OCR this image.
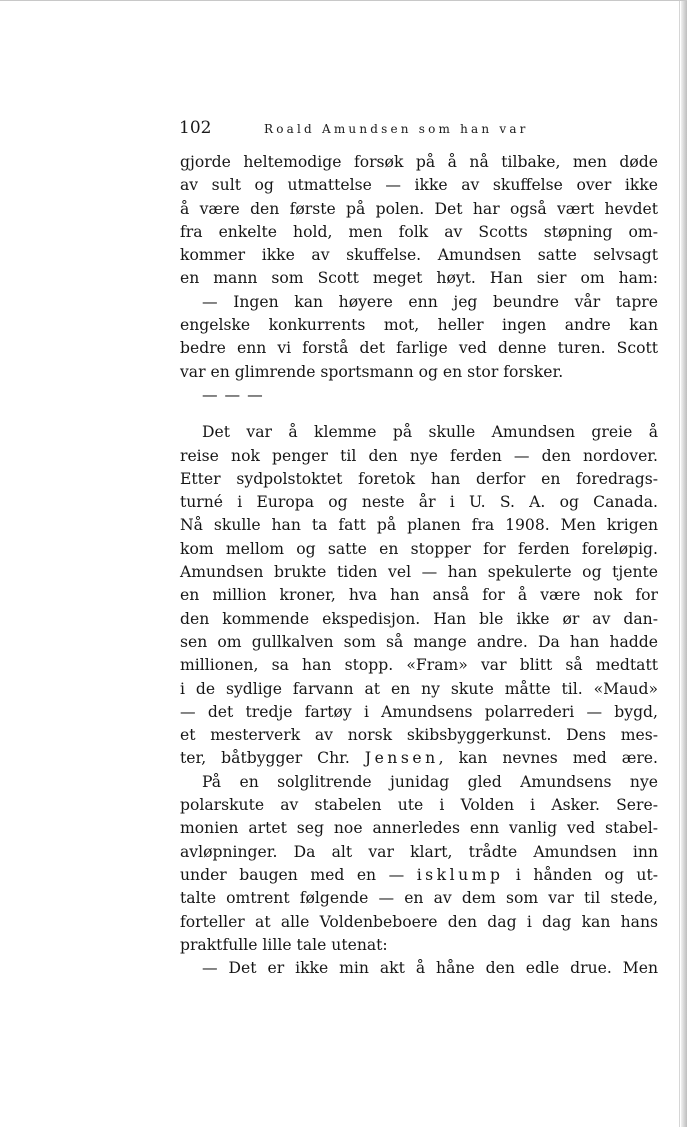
102	Roald Amundsen som han var
gjorde heltemodige forsøk på å nå tilbake, men døde
av sult og utmattelse — ikke av skuffelse over ikke
å være den første på polen. Det har også vært hevdet
fra enkelte hold, men folk av Scotts støpning om-
kommer ikke av skuffelse. Amundsen satte selvsagt
en mann som Scott meget høyt. Han sier om ham:
— Ingen kan høyere enn jeg beundre vår tapre
engelske konkurrents mot, heller ingen andre kan
bedre enn vi forstå det farlige ved denne turen. Scott
var en glimrende sportsmann og en stor forsker.
— — —
Det var å klemme på skulle Amundsen greie å
reise nok penger til den nye ferden — den nordover.
Etter sydpolstoktet foretok han derfor en foredrags-
turné i Europa og neste år i U. S. A. og Canada.
Nå skulle han ta fatt på planen fra 1908. Men krigen
kom mellom og satte en stopper for ferden foreløpig.
Amundsen brukte tiden vel — han spekulerte og tjente
en million kroner, hva han anså for å være nok for
den kommende ekspedisjon. Han ble ikke ør av dan-
sen om gullkalven som så mange andre. Da han hadde
millionen, sa han stopp. «Fram» var blitt så medtatt
i de sydlige farvann at en ny skute måtte til. «Maud»
— det tredje fartøy i Amundsens polarrederi — bygd,
et mesterverk av norsk skibsbyggerkunst. Dens mes-
ter, båtbygger Chr. Jensen, kan nevnes med ære.
På en solglitrende junidag gled Amundsens nye
polarskute av stabelen ute i Volden i Asker. Sere-
monien artet seg noe annerledes enn vanlig ved stabel-
avløpninger. Da alt var klart, trådte Amundsen inn
under baugen med en — isklump i hånden og ut-
talte omtrent følgende — en av dem som var til stede,
forteller at alle Voldenbeboere den dag i dag kan hans
praktfulle lille tale utenat:
— Det er ikke min akt å håne den edle drue. Men
